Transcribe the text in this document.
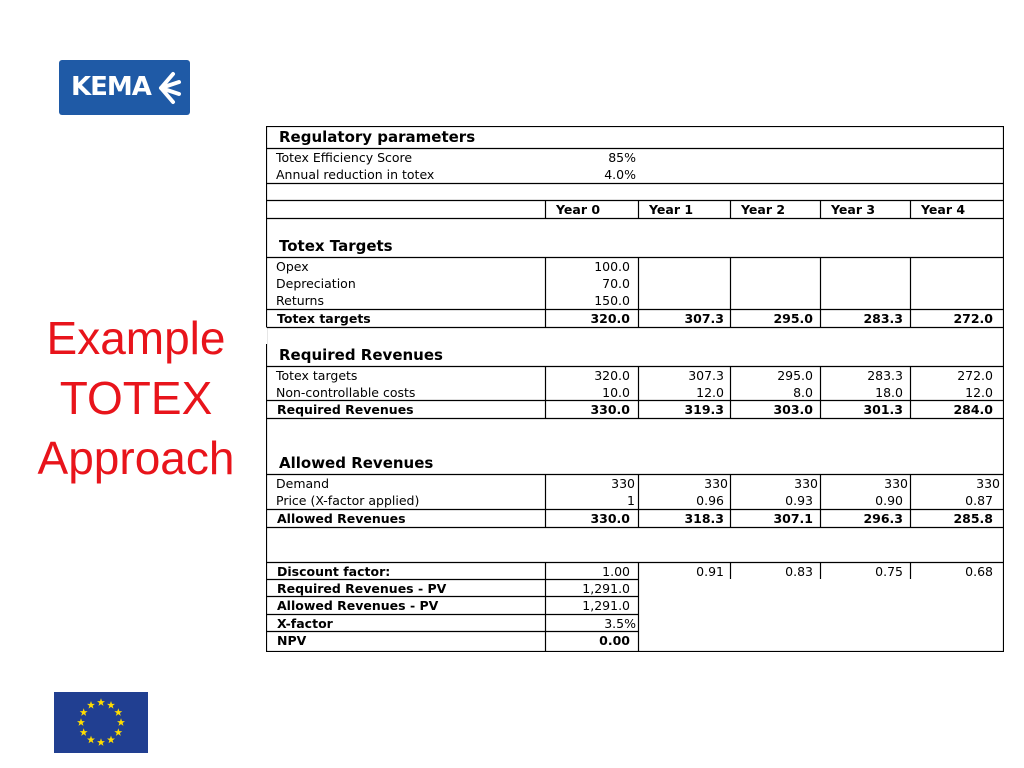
KEMA
Example
TOTEX
Approach
Regulatory parameters
Totex Efficiency Score	85%
Annual reduction in totex	4.0%
Year 0	Year 1	Year 2	Year 3	Year 4
Totex Targets
Opex	100.0
Depreciation	70.0
Returns	150.0
Totex targets	320.0	307.3	295.0	283.3	272.0
Required Revenues
Totex targets	320.0	307.3	295.0	283.3	272.0
Non-controllable costs	10.0	12.0	8.0	18.0	12.0
Required Revenues	330.0	319.3	303.0	301.3	284.0
Allowed Revenues
Demand	330	330	330	330	330
Price (X-factor applied)	1	0.96	0.93	0.90	0.87
Allowed Revenues	330.0	318.3	307.1	296.3	285.8
Discount factor:	1.00	0.91	0.83	0.75	0.68
Required Revenues - PV	1,291.0
Allowed Revenues - PV	1,291.0
X-factor	3.5%
NPV	0.00
